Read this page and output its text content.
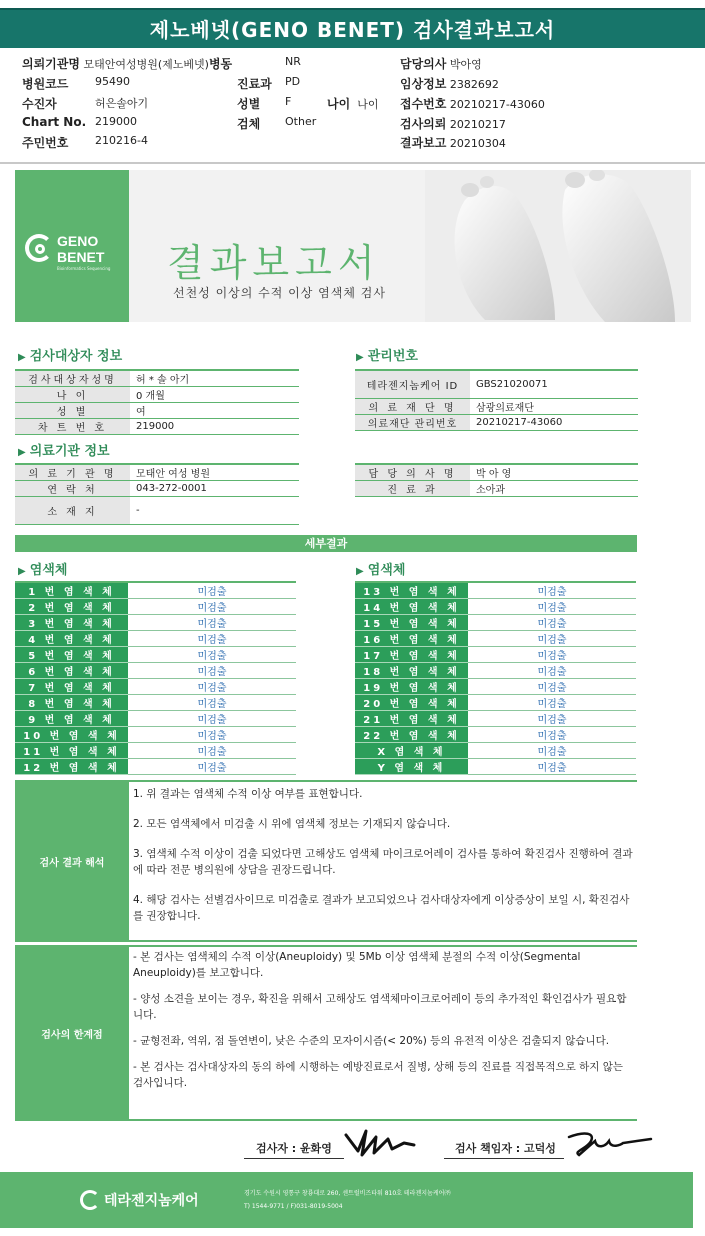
제노베넷(GENO BENET) 검사결과보고서
의뢰기관명 모태안여성병원(제노베넷)병동	NR	담당의사 박아영
병원코드 95490	진료과 PD	임상정보 2382692
수진자	허은솔아기	성별 F	나이 나이 접수번호 20210217-43060
Chart No. 219000	검체 Other	검사의뢰 20210217
주민번호 210216-4	결과보고 20210304
GENO
BENET
Bioinformatics Sequencing 결과보고서
선천성 이상의 수적 이상 염색체 검사
▶ 검사대상자 정보
검사대상자성명	허 * 솔 아기
나 이	0 개월
성 별	여
차 트 번 호	219000
▶ 관리번호
테라젠지놈케어 ID	GBS21020071
의 료 재 단 명	삼광의료재단
의료재단 관리번호	20210217-43060
▶ 의료기관 정보
의 료 기 관 명	모태안 여성 병원
연 락 처	043-272-0001
소 재 지	-
담 당 의 사 명	박 아 영
진 료 과	소아과
세부결과
▶ 염색체	▶ 염색체
1 번 염 색 체	미검출
2 번 염 색 체	미검출
3 번 염 색 체	미검출
4 번 염 색 체	미검출
5 번 염 색 체	미검출
6 번 염 색 체	미검출
7 번 염 색 체	미검출
8 번 염 색 체	미검출
9 번 염 색 체	미검출
10 번 염 색 체	미검출
11 번 염 색 체	미검출
12 번 염 색 체	미검출
13 번 염 색 체	미검출
14 번 염 색 체	미검출
15 번 염 색 체	미검출
16 번 염 색 체	미검출
17 번 염 색 체	미검출
18 번 염 색 체	미검출
19 번 염 색 체	미검출
20 번 염 색 체	미검출
21 번 염 색 체	미검출
22 번 염 색 체	미검출
X 염 색 체	미검출
Y 염 색 체	미검출
검사 결과 해석

1. 위 결과는 염색체 수적 이상 여부를 표현합니다.

2. 모든 염색체에서 미검출 시 위에 염색체 정보는 기재되지 않습니다.

3. 염색체 수적 이상이 검출 되었다면 고해상도 염색체 마이크로어레이 검사를 통하여 확진검사 진행하여 결과에 따라 전문 병의원에 상담을 권장드립니다.

4. 해당 검사는 선별검사이므로 미검출로 결과가 보고되었으나 검사대상자에게 이상증상이 보일 시, 확진검사를 권장합니다.

검사의 한계점

- 본 검사는 염색체의 수적 이상(Aneuploidy) 및 5Mb 이상 염색체 분절의 수적 이상(Segmental Aneuploidy)를 보고합니다.

- 양성 소견을 보이는 경우, 확진을 위해서 고해상도 염색체마이크로어레이 등의 추가적인 확인검사가 필요합니다.

- 균형전좌, 역위, 점 돌연변이, 낮은 수준의 모자이시즘(< 20%) 등의 유전적 이상은 검출되지 않습니다.

- 본 검사는 검사대상자의 동의 하에 시행하는 예방진료로서 질병, 상해 등의 진료를 직접목적으로 하지 않는 검사입니다.

검사자 : 윤화영	검사 책임자 : 고덕성
테라젠지놈케어	경기도 수원시 영통구 창룡대로 260, 센트럴비즈타워 810호 테라젠지놈케어㈜
T) 1544-9771 / F)031-8019-5004
